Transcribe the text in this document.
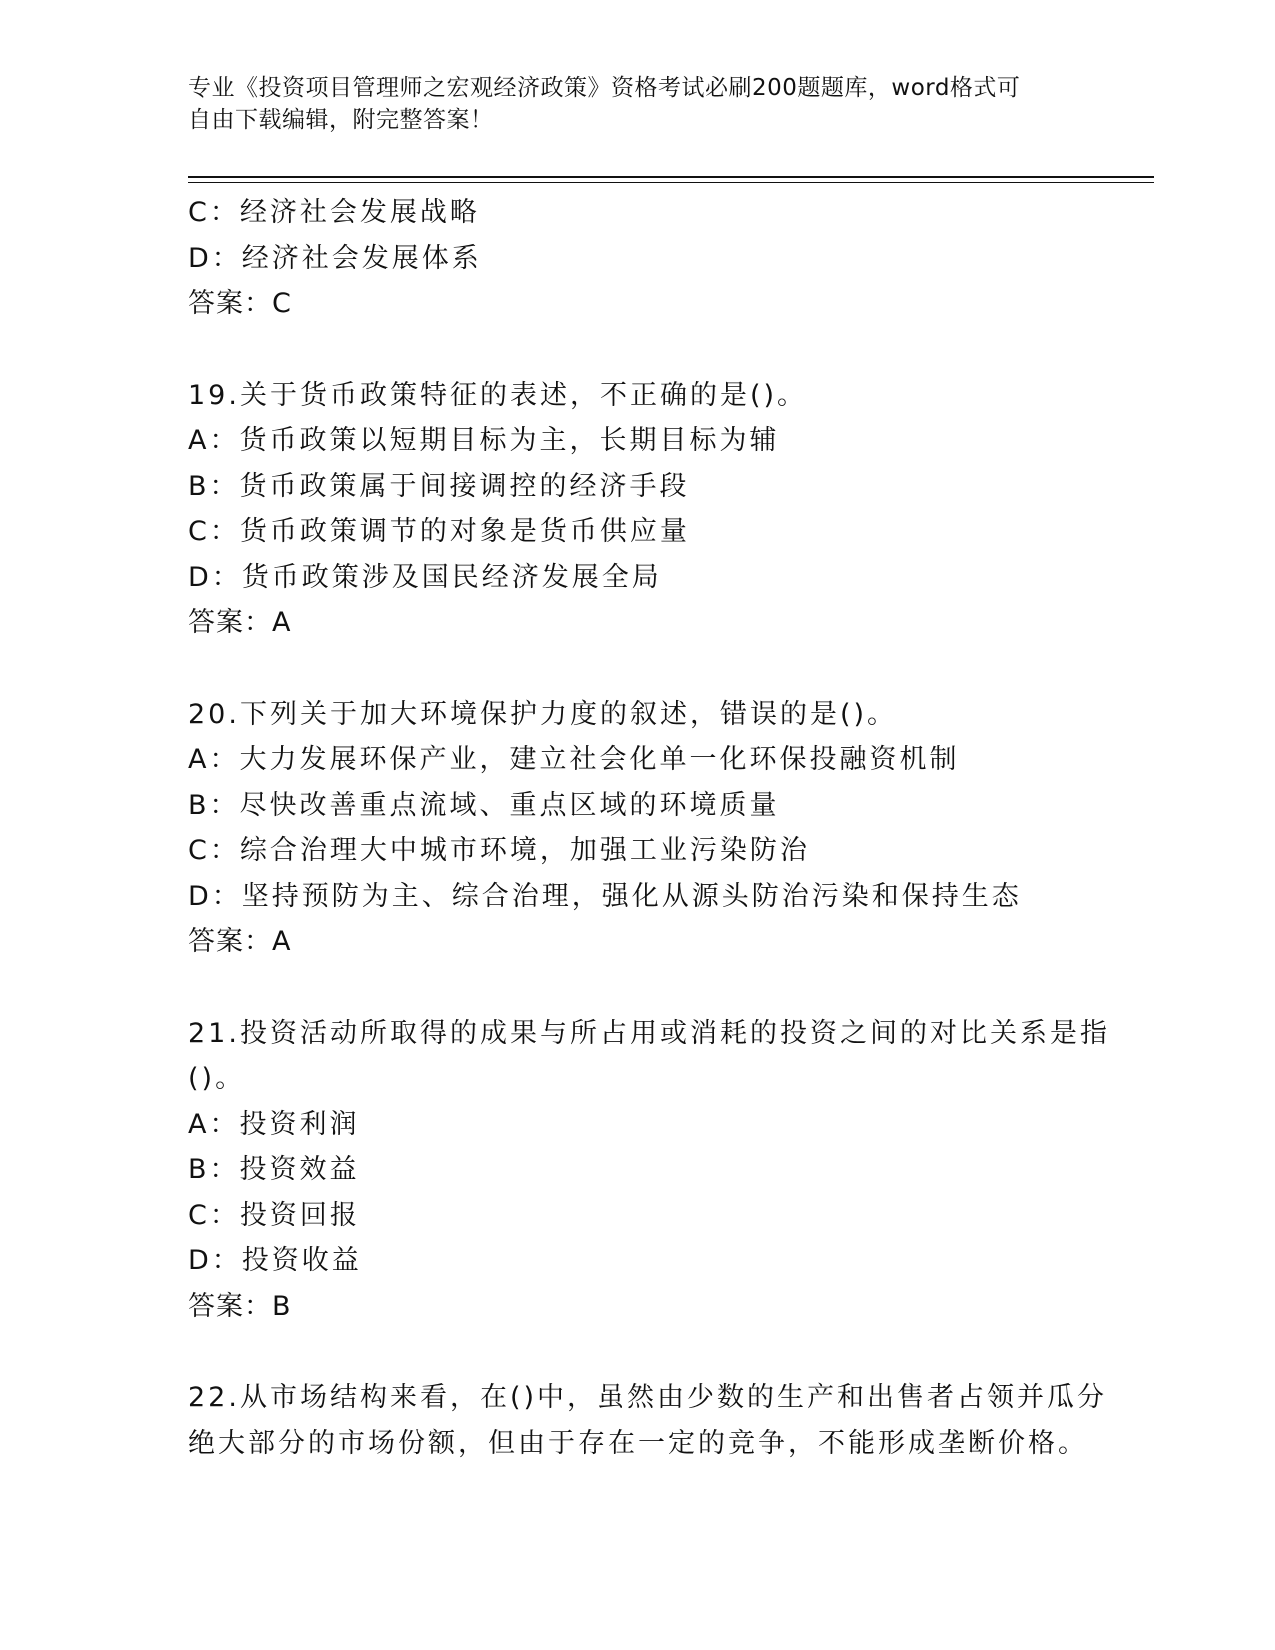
专业《投资项目管理师之宏观经济政策》资格考试必刷200题题库，word格式可
自由下载编辑，附完整答案！
C：经济社会发展战略
D：经济社会发展体系
答案：C
19.关于货币政策特征的表述，不正确的是()。
A：货币政策以短期目标为主，长期目标为辅
B：货币政策属于间接调控的经济手段
C：货币政策调节的对象是货币供应量
D：货币政策涉及国民经济发展全局
答案：A
20.下列关于加大环境保护力度的叙述，错误的是()。
A：大力发展环保产业，建立社会化单一化环保投融资机制
B：尽快改善重点流域、重点区域的环境质量
C：综合治理大中城市环境，加强工业污染防治
D：坚持预防为主、综合治理，强化从源头防治污染和保持生态
答案：A
21.投资活动所取得的成果与所占用或消耗的投资之间的对比关系是指
()。
A：投资利润
B：投资效益
C：投资回报
D：投资收益
答案：B
22.从市场结构来看，在()中，虽然由少数的生产和出售者占领并瓜分
绝大部分的市场份额，但由于存在一定的竞争，不能形成垄断价格。
